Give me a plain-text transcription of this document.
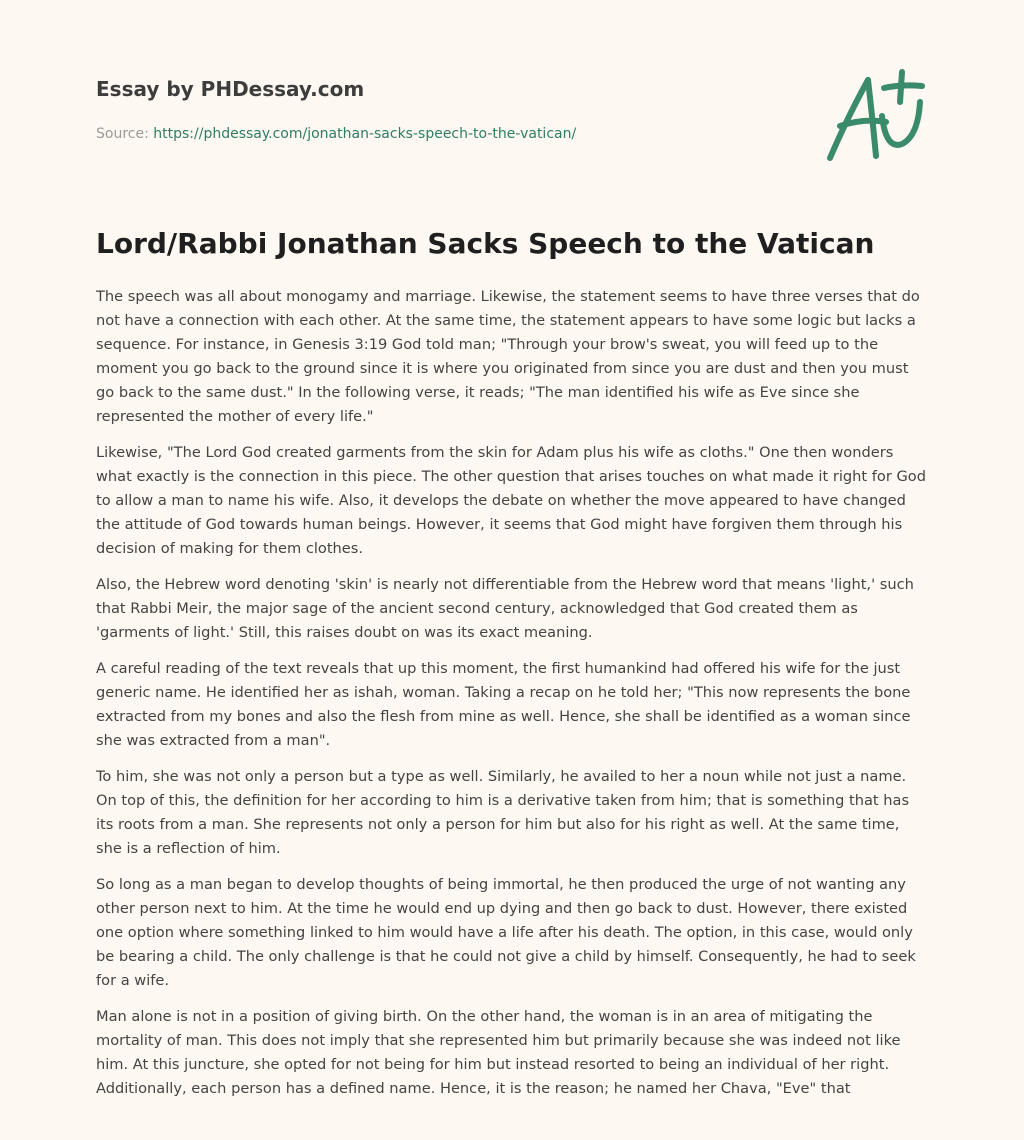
Essay by PHDessay.com
Source: https://phdessay.com/jonathan-sacks-speech-to-the-vatican/
Lord/Rabbi Jonathan Sacks Speech to the Vatican

The speech was all about monogamy and marriage. Likewise, the statement seems to have three verses that do not have a connection with each other. At the same time, the statement appears to have some logic but lacks a sequence. For instance, in Genesis 3:19 God told man; "Through your brow's sweat, you will feed up to the moment you go back to the ground since it is where you originated from since you are dust and then you must go back to the same dust." In the following verse, it reads; "The man identified his wife as Eve since she represented the mother of every life."

Likewise, "The Lord God created garments from the skin for Adam plus his wife as cloths." One then wonders what exactly is the connection in this piece. The other question that arises touches on what made it right for God to allow a man to name his wife. Also, it develops the debate on whether the move appeared to have changed the attitude of God towards human beings. However, it seems that God might have forgiven them through his decision of making for them clothes.

Also, the Hebrew word denoting 'skin' is nearly not differentiable from the Hebrew word that means 'light,' such that Rabbi Meir, the major sage of the ancient second century, acknowledged that God created them as 'garments of light.' Still, this raises doubt on was its exact meaning.

A careful reading of the text reveals that up this moment, the first humankind had offered his wife for the just generic name. He identified her as ishah, woman. Taking a recap on he told her; "This now represents the bone extracted from my bones and also the flesh from mine as well. Hence, she shall be identified as a woman since she was extracted from a man".

To him, she was not only a person but a type as well. Similarly, he availed to her a noun while not just a name. On top of this, the definition for her according to him is a derivative taken from him; that is something that has its roots from a man. She represents not only a person for him but also for his right as well. At the same time, she is a reflection of him.

So long as a man began to develop thoughts of being immortal, he then produced the urge of not wanting any other person next to him. At the time he would end up dying and then go back to dust. However, there existed one option where something linked to him would have a life after his death. The option, in this case, would only be bearing a child. The only challenge is that he could not give a child by himself. Consequently, he had to seek for a wife.

Man alone is not in a position of giving birth. On the other hand, the woman is in an area of mitigating the mortality of man. This does not imply that she represented him but primarily because she was indeed not like him. At this juncture, she opted for not being for him but instead resorted to being an individual of her right. Additionally, each person has a defined name. Hence, it is the reason; he named her Chava, "Eve" that
